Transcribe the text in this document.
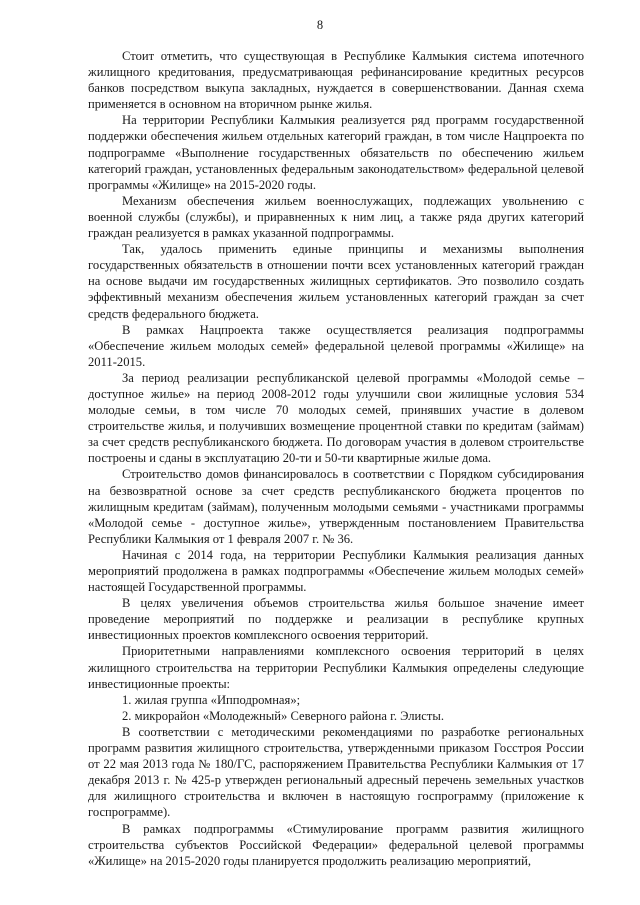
8

Стоит отметить, что существующая в Республике Калмыкия система ипотечного жилищного кредитования, предусматривающая рефинансирование кредитных ресурсов банков посредством выкупа закладных, нуждается в совершенствовании. Данная схема применяется в основном на вторичном рынке жилья.

На территории Республики Калмыкия реализуется ряд программ государственной поддержки обеспечения жильем отдельных категорий граждан, в том числе Нацпроекта по подпрограмме «Выполнение государственных обязательств по обеспечению жильем категорий граждан, установленных федеральным законодательством» федеральной целевой программы «Жилище» на 2015-2020 годы.

Механизм обеспечения жильем военнослужащих, подлежащих увольнению с военной службы (службы), и приравненных к ним лиц, а также ряда других категорий граждан реализуется в рамках указанной подпрограммы.

Так, удалось применить единые принципы и механизмы выполнения государственных обязательств в отношении почти всех установленных категорий граждан на основе выдачи им государственных жилищных сертификатов. Это позволило создать эффективный механизм обеспечения жильем установленных категорий граждан за счет средств федерального бюджета.

В рамках Нацпроекта также осуществляется реализация подпрограммы «Обеспечение жильем молодых семей» федеральной целевой программы «Жилище» на 2011-2015.

За период реализации республиканской целевой программы «Молодой семье – доступное жилье» на период 2008-2012 годы улучшили свои жилищные условия 534 молодые семьи, в том числе 70 молодых семей, принявших участие в долевом строительстве жилья, и получивших возмещение процентной ставки по кредитам (займам) за счет средств республиканского бюджета. По договорам участия в долевом строительстве построены и сданы в эксплуатацию 20-ти и 50-ти квартирные жилые дома.

Строительство домов финансировалось в соответствии с Порядком субсидирования на безвозвратной основе за счет средств республиканского бюджета процентов по жилищным кредитам (займам), полученным молодыми семьями - участниками программы «Молодой семье - доступное жилье», утвержденным постановлением Правительства Республики Калмыкия от 1 февраля 2007 г. № 36.

Начиная с 2014 года, на территории Республики Калмыкия реализация данных мероприятий продолжена в рамках подпрограммы «Обеспечение жильем молодых семей» настоящей Государственной программы.

В целях увеличения объемов строительства жилья большое значение имеет проведение мероприятий по поддержке и реализации в республике крупных инвестиционных проектов комплексного освоения территорий.

Приоритетными направлениями комплексного освоения территорий в целях жилищного строительства на территории Республики Калмыкия определены следующие инвестиционные проекты:

1. жилая группа «Ипподромная»;

2. микрорайон «Молодежный» Северного района г. Элисты.

В соответствии с методическими рекомендациями по разработке региональных программ развития жилищного строительства, утвержденными приказом Госстроя России от 22 мая 2013 года № 180/ГС, распоряжением Правительства Республики Калмыкия от 17 декабря 2013 г. № 425-р утвержден региональный адресный перечень земельных участков для жилищного строительства и включен в настоящую госпрограмму (приложение к госпрограмме).

В рамках подпрограммы «Стимулирование программ развития жилищного строительства субъектов Российской Федерации» федеральной целевой программы «Жилище» на 2015-2020 годы планируется продолжить реализацию мероприятий,
